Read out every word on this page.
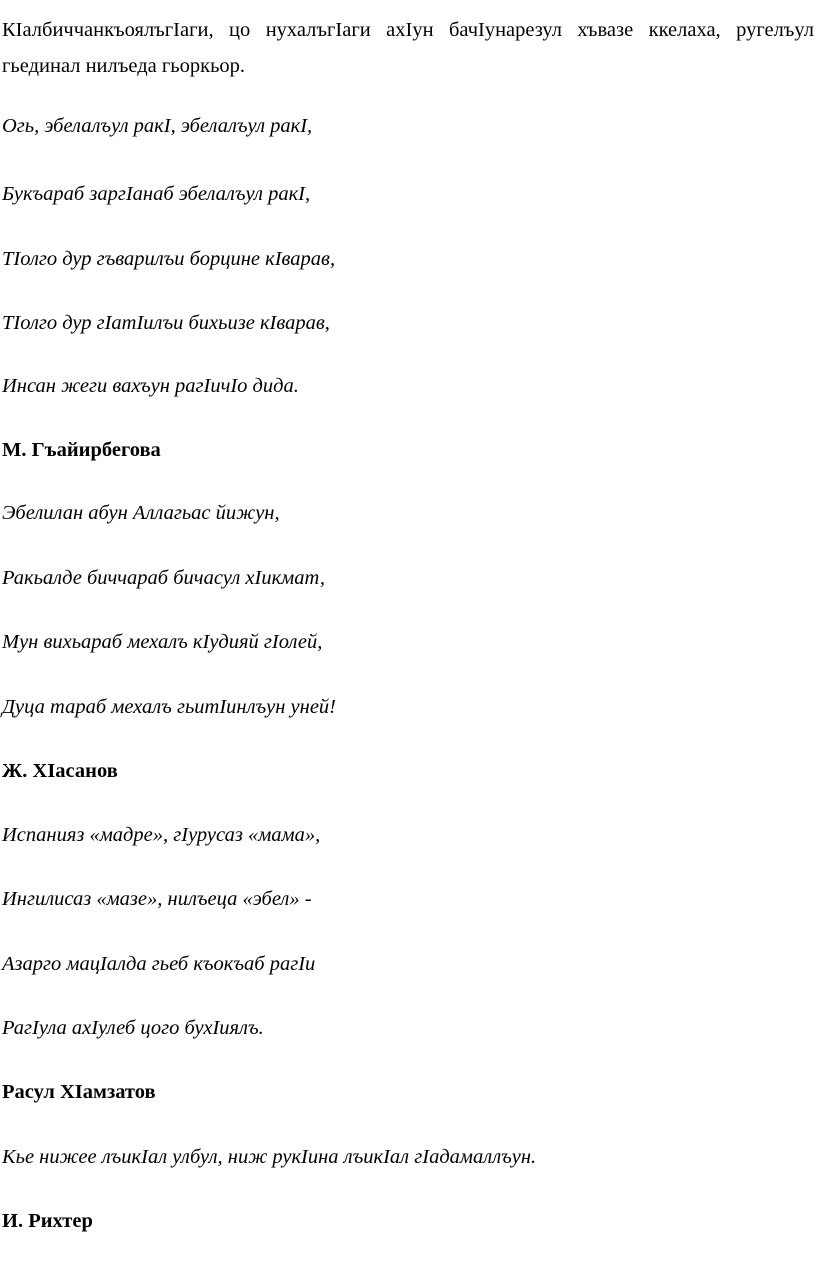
КIалбиччанкъоялъгIаги, цо нухалъгIаги ахIун бачIунарезул хъвазе ккелаха, ругелъул гьединал нилъеда гьоркьор.

Огь, эбелалъул ракI, эбелалъул ракI,

Букъараб заргIанаб эбелалъул ракI,

ТIолго дур гъварилъи борцине кIварав,

ТIолго дур гIатIилъи бихьизе кIварав,

Инсан жеги вахъун рагIичIо дида.

М. Гъайирбегова

Эбелилан абун Аллагьас йижун,

Ракьалде биччараб бичасул хIикмат,

Мун вихьараб мехалъ кIудияй гIолей,

Дуца тараб мехалъ гьитIинлъун уней!

Ж. ХIасанов

Испанияз «мадре», гIурусаз «мама»,

Ингилисаз «мазе», нилъеца «эбел» -

Азарго мацIалда гьеб къокъаб рагIи

РагIула ахIулеб цого бухIиялъ.

Расул ХIамзатов

Кье нижее лъикIал улбул, ниж рукIина лъикIал гIадамаллъун.

И. Рихтер
